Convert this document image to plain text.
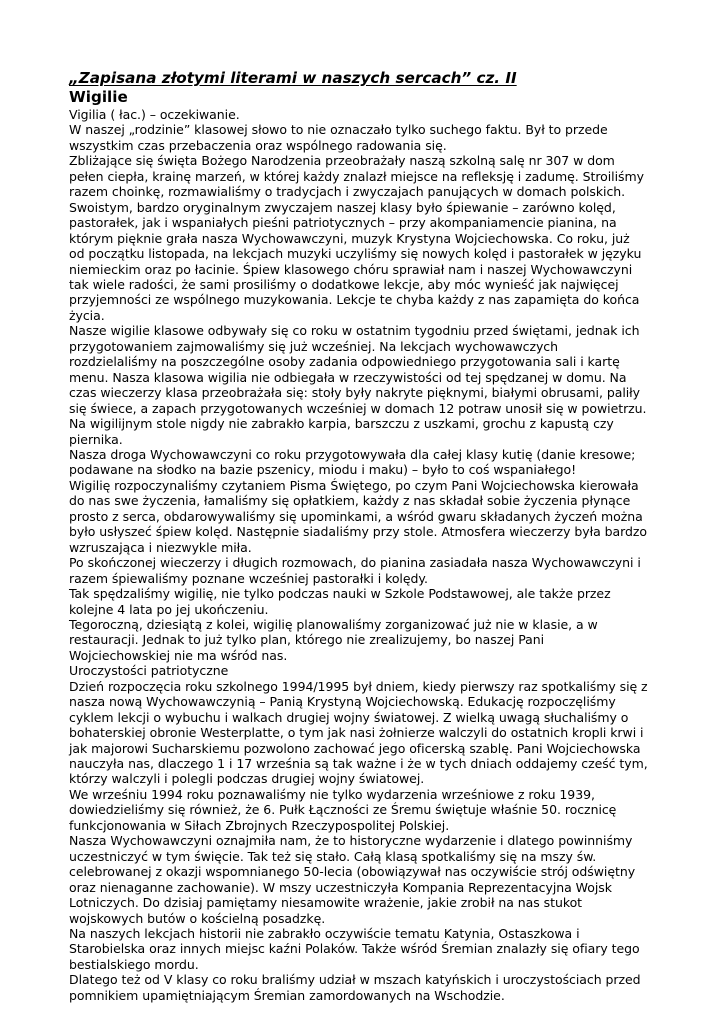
„Zapisana złotymi literami w naszych sercach” cz. II
Wigilie

Vigilia ( łac.) – oczekiwanie.

W naszej „rodzinie” klasowej słowo to nie oznaczało tylko suchego faktu. Był to przede wszystkim czas przebaczenia oraz wspólnego radowania się.

Zbliżające się święta Bożego Narodzenia przeobrażały naszą szkolną salę nr 307 w dom pełen ciepła, krainę marzeń, w której każdy znalazł miejsce na refleksję i zadumę. Stroiliśmy razem choinkę, rozmawialiśmy o tradycjach i zwyczajach panujących w domach polskich.

Swoistym, bardzo oryginalnym zwyczajem naszej klasy było śpiewanie – zarówno kolęd, pastorałek, jak i wspaniałych pieśni patriotycznych – przy akompaniamencie pianina, na którym pięknie grała nasza Wychowawczyni, muzyk Krystyna Wojciechowska. Co roku, już od początku listopada, na lekcjach muzyki uczyliśmy się nowych kolęd i pastorałek w języku niemieckim oraz po łacinie. Śpiew klasowego chóru sprawiał nam i naszej Wychowawczyni tak wiele radości, że sami prosiliśmy o dodatkowe lekcje, aby móc wynieść jak najwięcej przyjemności ze wspólnego muzykowania. Lekcje te chyba każdy z nas zapamięta do końca życia.

Nasze wigilie klasowe odbywały się co roku w ostatnim tygodniu przed świętami, jednak ich przygotowaniem zajmowaliśmy się już wcześniej. Na lekcjach wychowawczych rozdzielaliśmy na poszczególne osoby zadania odpowiedniego przygotowania sali i kartę menu. Nasza klasowa wigilia nie odbiegała w rzeczywistości od tej spędzanej w domu. Na czas wieczerzy klasa przeobrażała się: stoły były nakryte pięknymi, białymi obrusami, paliły się świece, a zapach przygotowanych wcześniej w domach 12 potraw unosił się w powietrzu. Na wigilijnym stole nigdy nie zabrakło karpia, barszczu z uszkami, grochu z kapustą czy piernika.

Nasza droga Wychowawczyni co roku przygotowywała dla całej klasy kutię (danie kresowe; podawane na słodko na bazie pszenicy, miodu i maku) – było to coś wspaniałego!

Wigilię rozpoczynaliśmy czytaniem Pisma Świętego, po czym Pani Wojciechowska kierowała do nas swe życzenia, łamaliśmy się opłatkiem, każdy z nas składał sobie życzenia płynące prosto z serca, obdarowywaliśmy się upominkami, a wśród gwaru składanych życzeń można było usłyszeć śpiew kolęd. Następnie siadaliśmy przy stole. Atmosfera wieczerzy była bardzo wzruszająca i niezwykle miła.

Po skończonej wieczerzy i długich rozmowach, do pianina zasiadała nasza Wychowawczyni i razem śpiewaliśmy poznane wcześniej pastorałki i kolędy.

Tak spędzaliśmy wigilię, nie tylko podczas nauki w Szkole Podstawowej, ale także przez kolejne 4 lata po jej ukończeniu.

Tegoroczną, dziesiątą z kolei, wigilię planowaliśmy zorganizować już nie w klasie, a w restauracji. Jednak to już tylko plan, którego nie zrealizujemy, bo naszej Pani Wojciechowskiej nie ma wśród nas.

Uroczystości patriotyczne

Dzień rozpoczęcia roku szkolnego 1994/1995 był dniem, kiedy pierwszy raz spotkaliśmy się z nasza nową Wychowawczynią – Panią Krystyną Wojciechowską. Edukację rozpoczęliśmy cyklem lekcji o wybuchu i walkach drugiej wojny światowej. Z wielką uwagą słuchaliśmy o bohaterskiej obronie Westerplatte, o tym jak nasi żołnierze walczyli do ostatnich kropli krwi i jak majorowi Sucharskiemu pozwolono zachować jego oficerską szablę. Pani Wojciechowska nauczyła nas, dlaczego 1 i 17 września są tak ważne i że w tych dniach oddajemy cześć tym, którzy walczyli i polegli podczas drugiej wojny światowej.

We wrześniu 1994 roku poznawaliśmy nie tylko wydarzenia wrześniowe z roku 1939, dowiedzieliśmy się również, że 6. Pułk Łączności ze Śremu świętuje właśnie 50. rocznicę funkcjonowania w Siłach Zbrojnych Rzeczypospolitej Polskiej.

Nasza Wychowawczyni oznajmiła nam, że to historyczne wydarzenie i dlatego powinniśmy uczestniczyć w tym święcie. Tak też się stało. Całą klasą spotkaliśmy się na mszy św. celebrowanej z okazji wspomnianego 50-lecia (obowiązywał nas oczywiście strój odświętny oraz nienaganne zachowanie). W mszy uczestniczyła Kompania Reprezentacyjna Wojsk Lotniczych. Do dzisiaj pamiętamy niesamowite wrażenie, jakie zrobił na nas stukot wojskowych butów o kościelną posadzkę.

Na naszych lekcjach historii nie zabrakło oczywiście tematu Katynia, Ostaszkowa i Starobielska oraz innych miejsc kaźni Polaków. Także wśród Śremian znalazły się ofiary tego bestialskiego mordu.

Dlatego też od V klasy co roku braliśmy udział w mszach katyńskich i uroczystościach przed pomnikiem upamiętniającym Śremian zamordowanych na Wschodzie.
